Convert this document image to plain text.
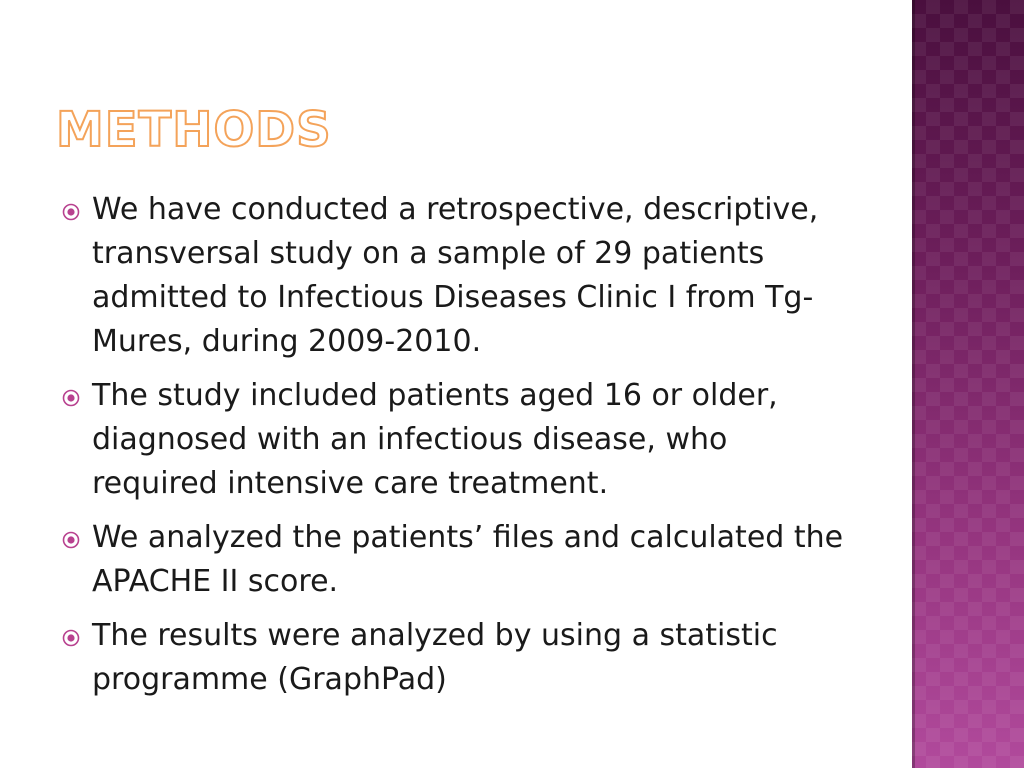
METHODS
We have conducted a retrospective, descriptive, transversal study on a sample of 29 patients admitted to Infectious Diseases Clinic I from Tg-Mures, during 2009-2010.
The study included patients aged 16 or older, diagnosed with an infectious disease, who required intensive care treatment.
We analyzed the patients’ files and calculated the APACHE II score.
The results were analyzed by using a statistic programme (GraphPad)
